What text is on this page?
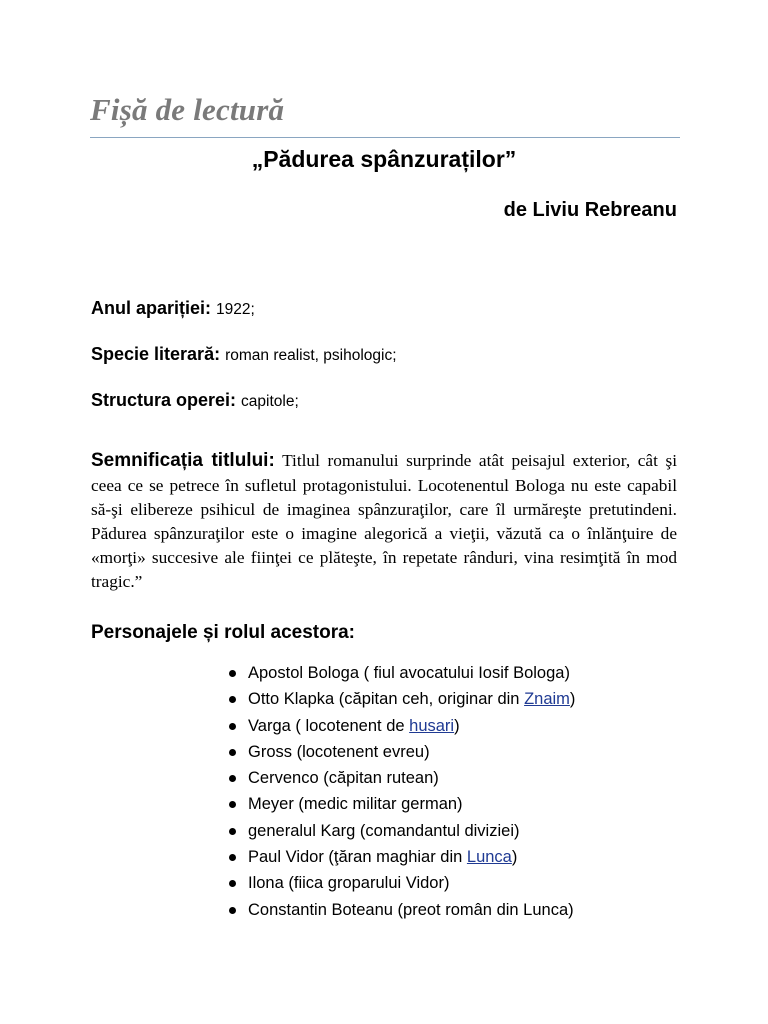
Fișă de lectură
„Pădurea spânzuraților”
de Liviu Rebreanu
Anul apariției: 1922;
Specie literară: roman realist, psihologic;
Structura operei: capitole;

Semnificația titlului: Titlul romanului surprinde atât peisajul exterior, cât şi ceea ce se petrece în sufletul protagonistului. Locotenentul Bologa nu este capabil să-şi elibereze psihicul de imaginea spânzuraţilor, care îl urmăreşte pretutindeni. Pădurea spânzuraţilor este o imagine alegorică a vieţii, văzută ca o înlănţuire de «morţi» succesive ale fiinţei ce plăteşte, în repetate rânduri, vina resimţită în mod tragic.”

Personajele și rolul acestora:
Apostol Bologa ( fiul avocatului Iosif Bologa)
Otto Klapka (căpitan ceh, originar din Znaim)
Varga ( locotenent de husari)
Gross (locotenent evreu)
Cervenco (căpitan rutean)
Meyer (medic militar german)
generalul Karg (comandantul diviziei)
Paul Vidor (ţăran maghiar din Lunca)
Ilona (fiica groparului Vidor)
Constantin Boteanu (preot român din Lunca)
